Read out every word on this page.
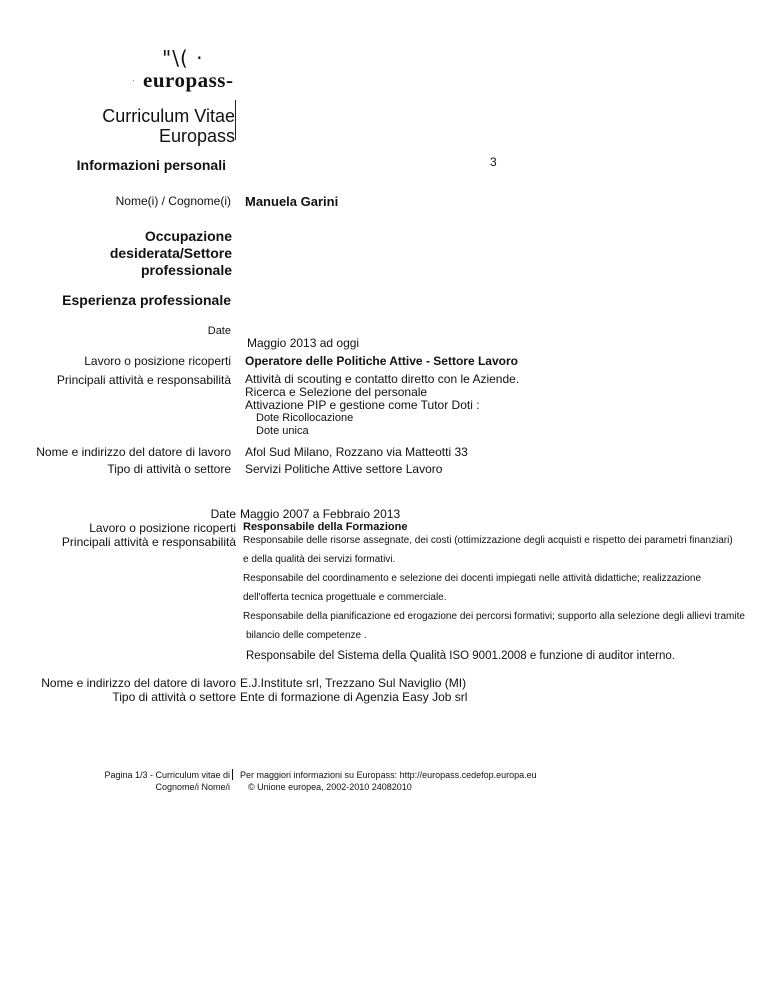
"\( ·
· europass-
Curriculum Vitae
Europass
3
Informazioni personali
Nome(i) / Cognome(i) Manuela Garini
Occupazione
desiderata/Settore
professionale
Esperienza professionale
Date
Maggio 2013 ad oggi
Lavoro o posizione ricoperti Operatore delle Politiche Attive - Settore Lavoro
Principali attività e responsabilità Attività di scouting e contatto diretto con le Aziende.
Ricerca e Selezione del personale
Attivazione PIP e gestione come Tutor Doti :
Dote Ricollocazione
Dote unica
Nome e indirizzo del datore di lavoro Afol Sud Milano, Rozzano via Matteotti 33
Tipo di attività o settore Servizi Politiche Attive settore Lavoro
Date Maggio 2007 a Febbraio 2013
Lavoro o posizione ricoperti Responsabile della Formazione
Principali attività e responsabilità Responsabile delle risorse assegnate, dei costi (ottimizzazione degli acquisti e rispetto dei parametri finanziari)
e della qualità dei servizi formativi.
Responsabile del coordinamento e selezione dei docenti impiegati nelle attività didattiche; realizzazione
dell'offerta tecnica progettuale e commerciale.
Responsabile della pianificazione ed erogazione dei percorsi formativi; supporto alla selezione degli allievi tramite
bilancio delle competenze .
Responsabile del Sistema della Qualità ISO 9001.2008 e funzione di auditor interno.
Nome e indirizzo del datore di lavoro E.J.Institute srl, Trezzano Sul Naviglio (MI)
Tipo di attività o settore Ente di formazione di Agenzia Easy Job srl
Pagina 1/3 - Curriculum vitae di
Cognome/i Nome/i
Per maggiori informazioni su Europass: http://europass.cedefop.europa.eu
© Unione europea, 2002-2010 24082010
